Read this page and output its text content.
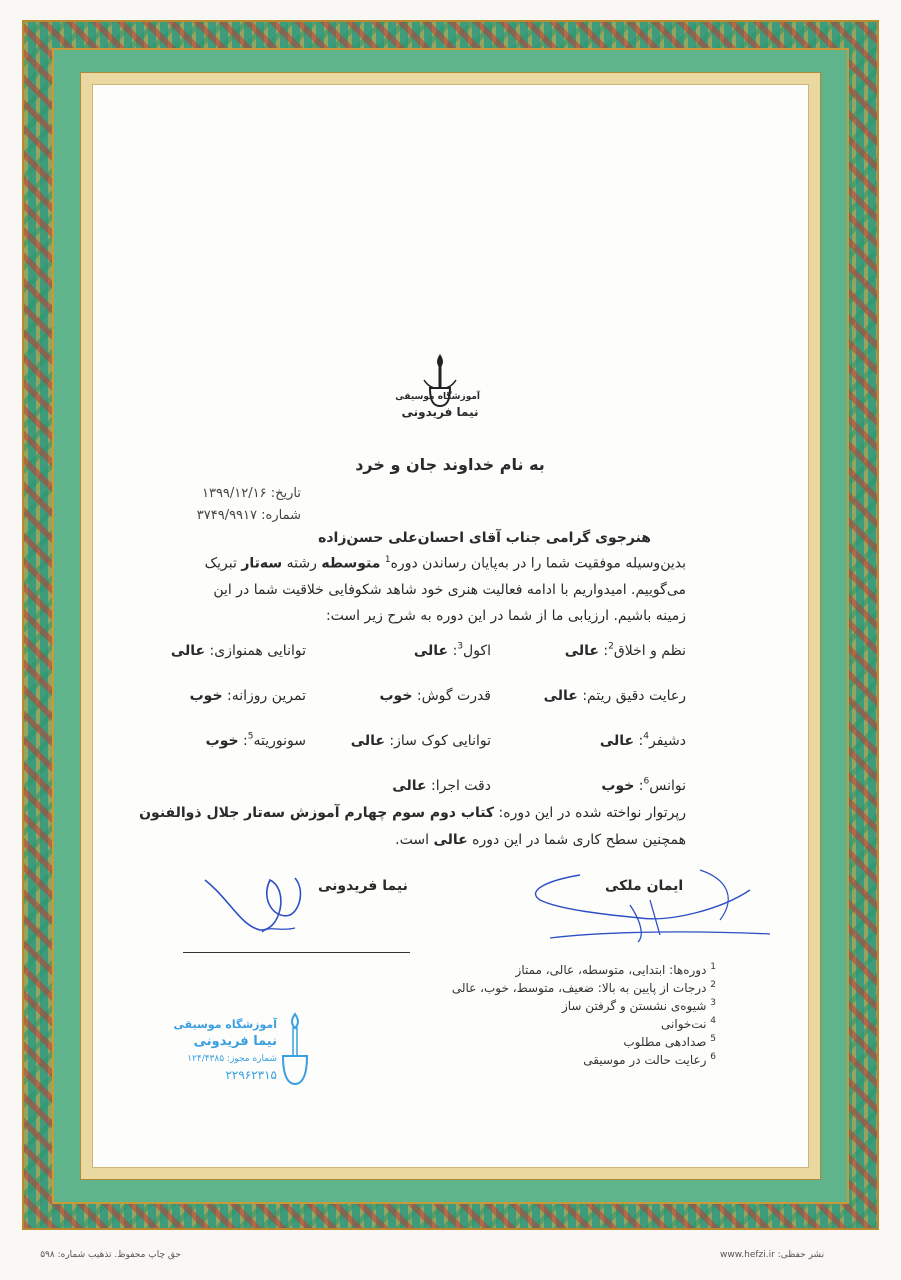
آموزشگاه موسیقی
نیما فریدونی
به نام خداوند جان و خرد
تاریخ: ۱۳۹۹/۱۲/۱۶
شماره: ۳۷۴۹/۹۹۱۷
هنرجوی گرامی جناب آقای احسان‌علی حسن‌زاده
بدین‌وسیله موفقیت شما را در به‌پایان رساندن دوره$^1$ متوسطه رشته سه‌تار تبریک
می‌گوییم. امیدواریم با ادامه فعالیت هنری خود شاهد شکوفایی خلاقیت شما در این
زمینه باشیم. ارزیابی ما از شما در این دوره به شرح زیر است:
نظم و اخلاق$^2$: عالی
اکول$^3$: عالی
توانایی همنوازی: عالی
رعایت دقیق ریتم: عالی
قدرت گوش: خوب
تمرین روزانه: خوب
دشیفر$^4$: عالی
توانایی کوک ساز: عالی
سونوریته$^5$: خوب
نوانس$^6$: خوب
دقت اجرا: عالی
رپرتوار نواخته شده در این دوره: کتاب دوم سوم چهارم آموزش سه‌تار جلال ذوالفنون
همچنین سطح کاری شما در این دوره عالی است.
نیما فریدونی	ایمان ملکی
$^1$ دوره‌ها: ابتدایی، متوسطه، عالی، ممتاز
$^2$ درجات از پایین به بالا: ضعیف، متوسط، خوب، عالی
$^3$ شیوه‌ی نشستن و گرفتن ساز
$^4$ نت‌خوانی
$^5$ صدادهی مطلوب
$^6$ رعایت حالت در موسیقی
آموزشگاه موسیقی
نیما فریدونی
شماره مجوز: ۱۲۴/۴۳۸۵
۲۲۹۶۲۳۱۵
حق چاپ محفوظ. تذهیب شماره: ۵۹۸	www.hefzi.ir :نشر حفظی
